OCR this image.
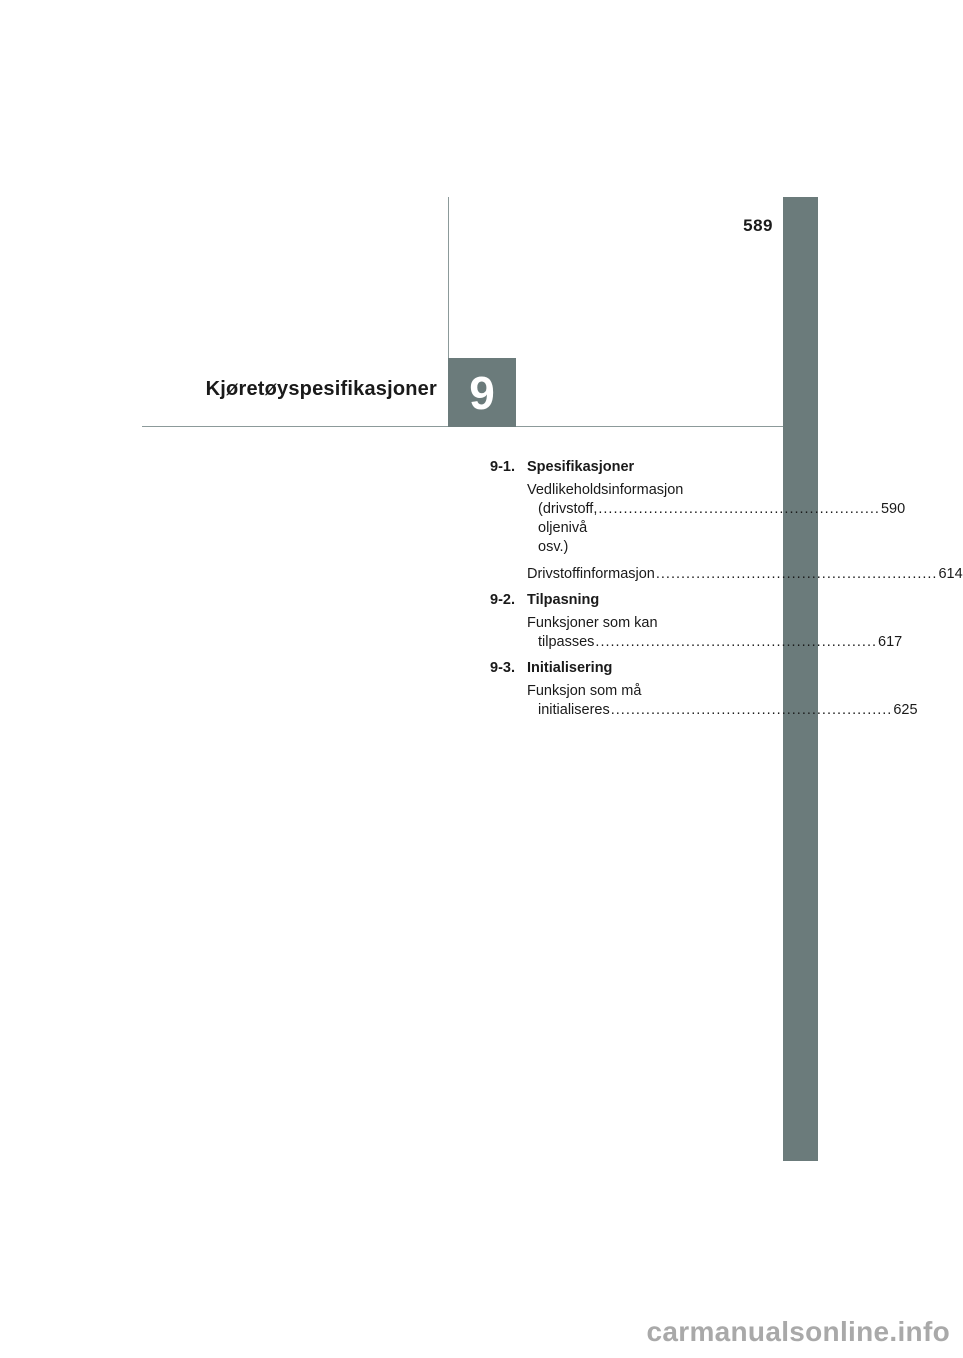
589
9
Kjøretøyspesifikasjoner
9-1. Spesifikasjoner
Vedlikeholdsinformasjon
(drivstoff, oljenivå osv.)
........................................................ 590
Drivstoffinformasjon ........................................................ 614
9-2. Tilpasning
Funksjoner som kan
tilpasses ........................................................ 617
9-3. Initialisering
Funksjon som må
initialiseres ........................................................ 625
carmanualsonline.info
